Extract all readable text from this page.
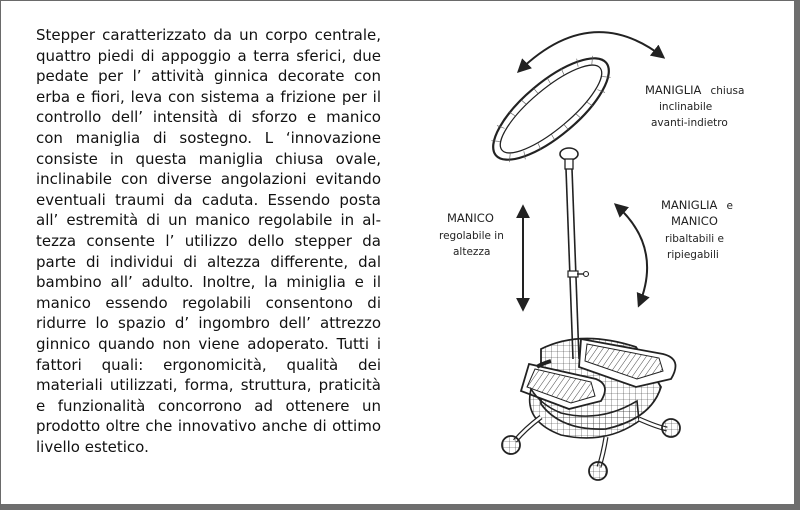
Stepper caratterizzato da un corpo centrale, quattro piedi di appoggio a terra sferici, due pedate per l’ attività ginnica decorate con erba e fiori, leva con sistema a frizione per il controllo dell’ intensità di sforzo e manico con maniglia di sostegno. L ‘innovazione consiste in questa maniglia chiusa ovale, inclinabile con diverse angolazioni evitando eventuali traumi da caduta. Essendo posta all’ estremità di un manico regolabile in altezza consente l’ utilizzo dello stepper da parte di individui di altezza differente, dal bambino all’ adulto. Inoltre, la miniglia e il manico essendo regolabili consentono di ridurre lo spazio d’ ingombro dell’ attrezzo ginnico quando non viene adoperato. Tutti i fattori quali: ergonomicità, qualità dei materiali utilizzati, forma, struttura, praticità e funzionalità concorrono ad ottenere un prodotto oltre che innovativo anche di ottimo livello estetico.

MANIGLIA chiusa
inclinabile
avanti-indietro
MANICO
regolabile in
altezza
MANIGLIA e
MANICO
ribaltabili e
ripiegabili
